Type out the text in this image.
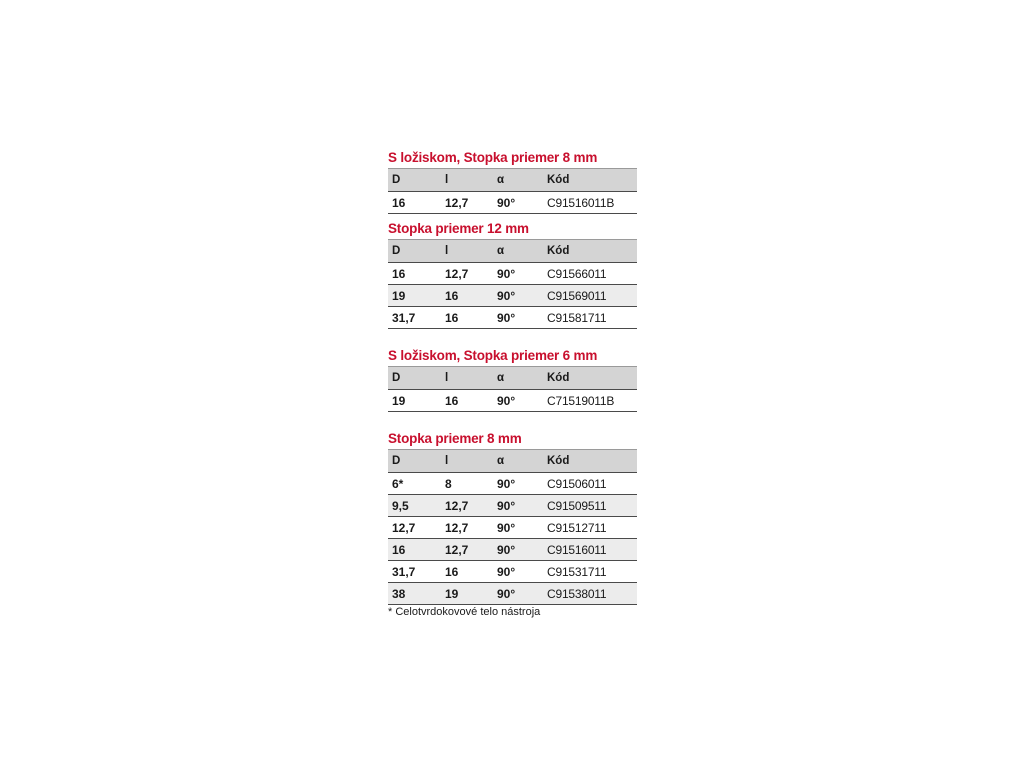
S ložiskom, Stopka priemer 8 mm
D	l	α	Kód
16	12,7	90°	C91516011B
Stopka priemer 12 mm
D	l	α	Kód
16	12,7	90°	C91566011
19	16	90°	C91569011
31,7	16	90°	C91581711
S ložiskom, Stopka priemer 6 mm
D	l	α	Kód
19	16	90°	C71519011B
Stopka priemer 8 mm
D	l	α	Kód
6*	8	90°	C91506011
9,5	12,7	90°	C91509511
12,7	12,7	90°	C91512711
16	12,7	90°	C91516011
31,7	16	90°	C91531711
38	19	90°	C91538011
* Celotvrdokovové telo nástroja
